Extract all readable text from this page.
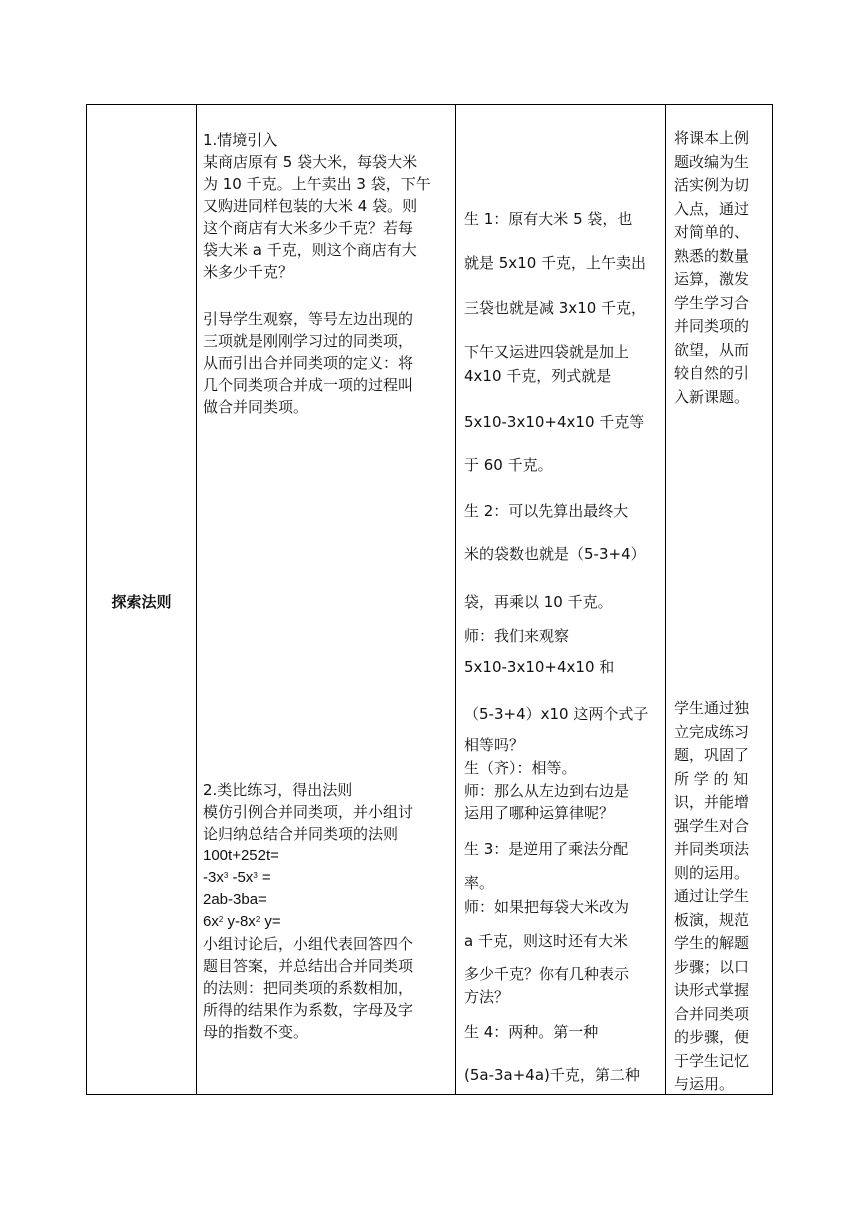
探索法则

1.情境引入

某商店原有 5 袋大米，每袋大米

为 10 千克。上午卖出 3 袋，下午

又购进同样包装的大米 4 袋。则

这个商店有大米多少千克？若每

袋大米 a 千克，则这个商店有大

米多少千克？

引导学生观察，等号左边出现的

三项就是刚刚学习过的同类项，

从而引出合并同类项的定义：将

几个同类项合并成一项的过程叫

做合并同类项。

2.类比练习，得出法则

模仿引例合并同类项，并小组讨

论归纳总结合并同类项的法则

100t+252t=

$-3x^3$ $-5x^3$ =

2ab-3ba=

$6x^2$ $y-8x^2$ y=

小组讨论后，小组代表回答四个

题目答案，并总结出合并同类项

的法则：把同类项的系数相加，

所得的结果作为系数，字母及字

母的指数不变。

生 1：原有大米 5 袋，也

就是 5x10 千克，上午卖出

三袋也就是减 3x10 千克，

下午又运进四袋就是加上

4x10 千克，列式就是

5x10-3x10+4x10 千克等

于 60 千克。

生 2：可以先算出最终大

米的袋数也就是（5-3+4）

袋，再乘以 10 千克。

师：我们来观察

5x10-3x10+4x10 和

（5-3+4）x10 这两个式子

相等吗？

生（齐）：相等。

师：那么从左边到右边是

运用了哪种运算律呢？

生 3：是逆用了乘法分配

率。

师：如果把每袋大米改为

a 千克，则这时还有大米

多少千克？你有几种表示

方法？

生 4：两种。第一种

(5a-3a+4a)千克，第二种

将课本上例

题改编为生

活实例为切

入点，通过

对简单的、

熟悉的数量

运算，激发

学生学习合

并同类项的

欲望，从而

较自然的引

入新课题。

学生通过独

立完成练习

题，巩固了

所 学 的 知

识，并能增

强学生对合

并同类项法

则的运用。

通过让学生

板演，规范

学生的解题

步骤；以口

诀形式掌握

合并同类项

的步骤，便

于学生记忆

与运用。
